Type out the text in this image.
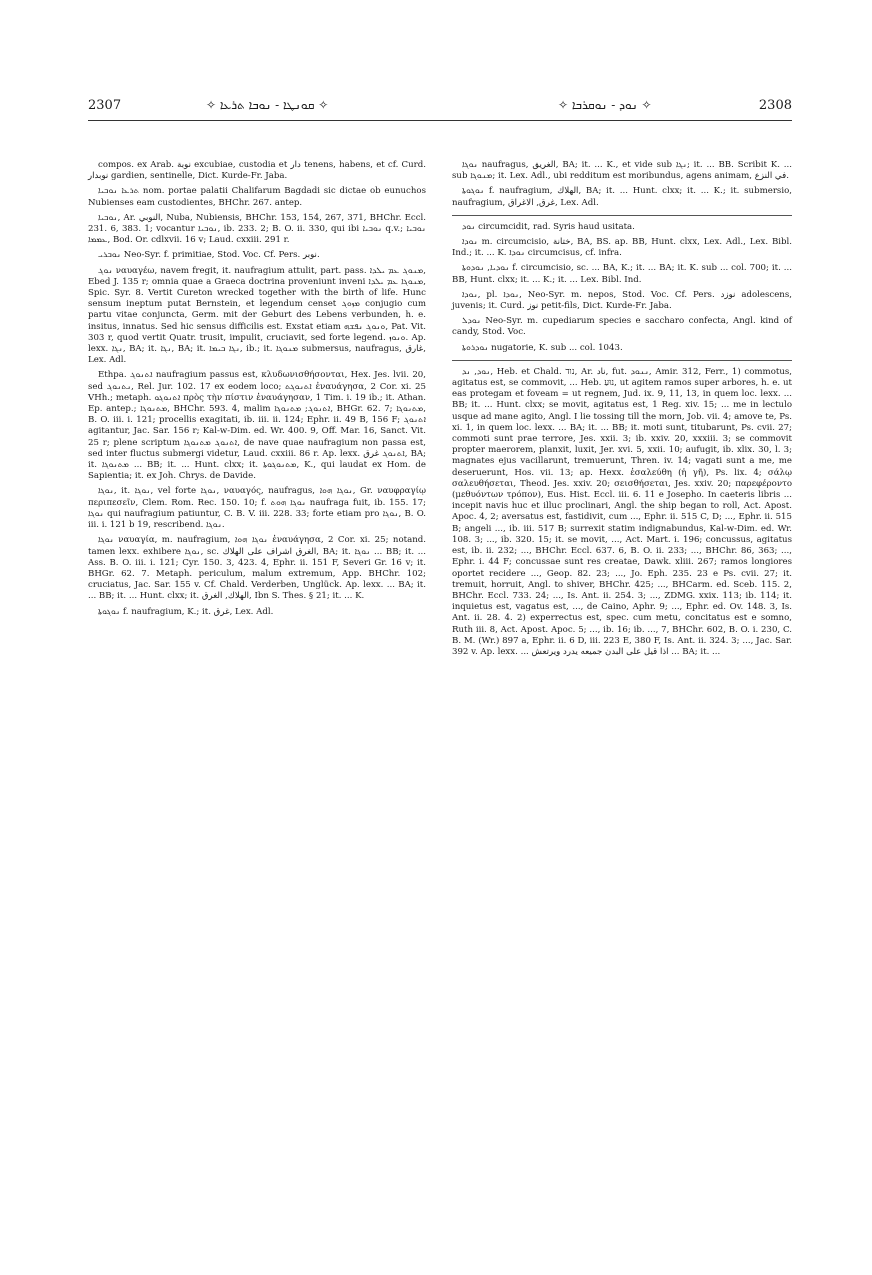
2307	✧ ܩܘܢܛܐ - ܢܘܒܐ ܬܪܥܐ ✧	✧ ܢܘܕ - ܢܘܩܪܒܐ ✧	2308

compos. ex Arab. نوبة excubiae, custodia et دار tenens, habens, et cf. Curd. نوبدار gardien, sentinelle, Dict. Kurde-Fr. Jaba.

ܬܪܥܐ ܢܘܒܝܐ nom. portae palatii Chalifarum Bagdadi sic dictae ob eunuchos Nubienses eam custodientes, BHChr. 267. antep.

ܢܘܒܝܐ, Ar. النوبي, Nuba, Nubiensis, BHChr. 153, 154, 267, 371, BHChr. Eccl. 231. 6, 383. 1; vocantur ܢܘܒܝܐ, ib. 233. 2; B. O. ii. 330, qui ibi ܢܘܒܝܐ q.v.; ܢܘܒܝܐ ܥܡܡܐ, Bod. Or. cdlxvii. 16 v; Laud. cxxiii. 291 r.

ܢܘܒܪܝ Neo-Syr. f. primitiae, Stod. Voc. Cf. Pers. نوبر.

ܢܘܓ ναυαγέω, navem fregit, it. naufragium attulit, part. pass. ܡܢܘܓ ܥܡ ܝܠܕܐ, Ebed J. 135 r; omnia quae a Graeca doctrina proveniunt inveni ܡܢܘܓܐ ܥܡ ܝܠܕܐ, Spic. Syr. 8. Vertit Cureton wrecked together with the birth of life. Hunc sensum ineptum putat Bernstein, et legendum censet ܡܙܘܓ conjugio cum partu vitae conjuncta, Germ. mit der Geburt des Lebens verbunden, h. e. insitus, innatus. Sed hic sensus difficilis est. Exstat etiam ܘܢܘܓ ܢܦܫܗ, Pat. Vit. 303 r, quod vertit Quatr. trusit, impulit, cruciavit, sed forte legend. ܘܢܘܙ. Ap. lexx. ܢܓܐ, BA; it. ܢܓܐ, BA; it. ܢܓܐ ܒܝܡܐ, ib.; it. ܡܢܘܓܐ submersus, naufragus, غارق, Lex. Adl.

Ethpa. ܐܬܢܘܓ naufragium passus est, κλυδωνισθήσονται, Hex. Jes. lvii. 20, sed ܢܬܢܘܓ, Rel. Jur. 102. 17 ex eodem loco; ܐܬܢܘܓܬ ἐναυάγησα, 2 Cor. xi. 25 VHh.; metaph. ܐܬܢܘܓܘ πρὸς τὴν πίστιν ἐναυάγησαν, 1 Tim. i. 19 ib.; it. Athan. Ep. antep.; ܡܬܢܘܓܐ, BHChr. 593. 4, malim ܐܬܢܘܓ; ܡܬܢܘܓܐ, BHGr. 62. 7; ܡܬܢܘܓܐ, B. O. iii. i. 121; procellis exagitati, ib. iii. ii. 124; Ephr. ii. 49 B, 156 F; ܐܬܢܘܓ agitantur, Jac. Sar. 156 r; Kal-w-Dim. ed. Wr. 400. 9, Off. Mar. 16, Sanct. Vit. 25 r; plene scriptum ܐܬܢܘܓ ܡܬܢܘܓܐ, de nave quae naufragium non passa est, sed inter fluctus submergi videtur, Laud. cxxiii. 86 r. Ap. lexx. ܐܬܢܘܓ غرق, BA; it. ܡܬܢܘܓܐ ... BB; it. ... Hunt. clxx; it. ܡܬܢܘܓܘܬܐ, K., qui laudat ex Hom. de Sapientia; it. ex Joh. Chrys. de Davide.

ܢܘܓܐ, it. ܢܘܓܐ, vel forte ܢܘܓܐ, ναυαγός, naufragus, ܢܘܓܐ ܗܘܐ, Gr. ναυφραγίῳ περιπεσεῖν, Clem. Rom. Rec. 150. 10; f. ܢܘܓܐ ܗܘܬ naufraga fuit, ib. 155. 17; ܢܘܓܐ qui naufragium patiuntur, C. B. V. iii. 228. 33; forte etiam pro ܢܘܓܐ, B. O. iii. i. 121 b 19, rescribend. ܢܘܓܐ.

ܢܘܓܐ ναυαγία, m. naufragium, ܢܘܓܐ ܗܘܐ ἐναυάγησα, 2 Cor. xi. 25; notand. tamen lexx. exhibere ܢܘܓܐ, sc. الغرق اشراف على الهلاك, BA; it. ܢܘܓܐ ... BB; it. ... Ass. B. O. iii. i. 121; Cyr. 150. 3, 423. 4, Ephr. ii. 151 F, Severi Gr. 16 v; it. BHGr. 62. 7. Metaph. periculum, malum extremum, App. BHChr. 102; cruciatus, Jac. Sar. 155 v. Cf. Chald. Verderben, Unglück. Ap. lexx. ... BA; it. ... BB; it. ... Hunt. clxx; it. الهلاك, الغرق, Ibn S. Thes. § 21; it. ... K.

ܢܘܓܘܬܐ f. naufragium, K.; it. غرق, Lex. Adl.

ܢܘܓܐ naufragus, الغريق, BA; it. ... K., et vide sub ܢܓܐ; it. ... BB. Scribit K. ... sub ܡܢܘܓܐ; it. Lex. Adl., ubi redditum est moribundus, agens animam, في النزع.

ܢܘܓܘܬܐ f. naufragium, الهلاك, BA; it. ... Hunt. clxx; it. ... K.; it. submersio, naufragium, غرق, الاغراق, Lex. Adl.

ܢܘܕ circumcidit, rad. Syris haud usitata.

ܢܘܕܐ m. circumcisio, ختانة, BA, BS. ap. BB, Hunt. clxx, Lex. Adl., Lex. Bibl. Ind.; it. ... K. ܢܘܕܐ circumcisus, cf. infra.

ܢܘܕܝܐ, ܢܘܕܘܬܐ f. circumcisio, sc. ... BA, K.; it. ... BA; it. K. sub ... col. 700; it. ... BB, Hunt. clxx; it. ... K.; it. ... Lex. Bibl. Ind.

ܢܘܕܐ, pl. ܢܘܕܐ, Neo-Syr. m. nepos, Stod. Voc. Cf. Pers. نوزد adolescens, juvenis; it. Curd. نوز petit-fils, Dict. Kurde-Fr. Jaba.

ܢܘܕܠ Neo-Syr. m. cupediarum species e saccharo confecta, Angl. kind of candy, Stod. Voc.

ܢܘܕܪܘܬܐ nugatorie, K. sub ... col. 1043.

ܢܘܕ, ܢܕ, Heb. et Chald. נוד, Ar. ناد, fut. ܢܢܘܕ, Amir. 312, Ferr., 1) commotus, agitatus est, se commovit, ... Heb. נוּעַ, ut agitem ramos super arbores, h. e. ut eas protegam et foveam = ut regnem, Jud. ix. 9, 11, 13, in quem loc. lexx. ... BB; it. ... Hunt. clxx; se movit, agitatus est, 1 Reg. xiv. 15; ... me in lectulo usque ad mane agito, Angl. I lie tossing till the morn, Job. vii. 4; amove te, Ps. xi. 1, in quem loc. lexx. ... BA; it. ... BB; it. moti sunt, titubarunt, Ps. cvii. 27; commoti sunt prae terrore, Jes. xxii. 3; ib. xxiv. 20, xxxiii. 3; se commovit propter maerorem, planxit, luxit, Jer. xvi. 5, xxii. 10; aufugit, ib. xlix. 30, l. 3; magnates ejus vacillarunt, tremuerunt, Thren. iv. 14; vagati sunt a me, me deseruerunt, Hos. vii. 13; ap. Hexx. ἐσαλεύθη (ἡ γῆ), Ps. lix. 4; σάλῳ σαλευθήσεται, Theod. Jes. xxiv. 20; σεισθήσεται, Jes. xxiv. 20; παρεφέροντο (μεθυόντων τρόπον), Eus. Hist. Eccl. iii. 6. 11 e Josepho. In caeteris libris ... incepit navis huc et illuc proclinari, Angl. the ship began to roll, Act. Apost. Apoc. 4, 2; aversatus est, fastidivit, cum ..., Ephr. ii. 515 C, D; ..., Ephr. ii. 515 B; angeli ..., ib. iii. 517 B; surrexit statim indignabundus, Kal-w-Dim. ed. Wr. 108. 3; ..., ib. 320. 15; it. se movit, ..., Act. Mart. i. 196; concussus, agitatus est, ib. ii. 232; ..., BHChr. Eccl. 637. 6, B. O. ii. 233; ..., BHChr. 86, 363; ..., Ephr. i. 44 F; concussae sunt res creatae, Dawk. xliii. 267; ramos longiores oportet recidere ..., Geop. 82. 23; ..., Jo. Eph. 235. 23 e Ps. cvii. 27; it. tremuit, horruit, Angl. to shiver, BHChr. 425; ..., BHCarm. ed. Sceb. 115. 2, BHChr. Eccl. 733. 24; ..., Is. Ant. ii. 254. 3; ..., ZDMG. xxix. 113; ib. 114; it. inquietus est, vagatus est, ..., de Caino, Aphr. 9; ..., Ephr. ed. Ov. 148. 3, Is. Ant. ii. 28. 4. 2) experrectus est, spec. cum metu, concitatus est e somno, Ruth iii. 8, Act. Apost. Apoc. 5; ..., ib. 16; ib. ..., 7, BHChr. 602, B. O. i. 230, C. B. M. (Wr.) 897 a, Ephr. ii. 6 D, iii. 223 E, 380 F, Is. Ant. ii. 324. 3; ..., Jac. Sar. 392 v. Ap. lexx. ... اذا قيل على البدن جميعه يدرد ويرتعش ... BA; it. ...
